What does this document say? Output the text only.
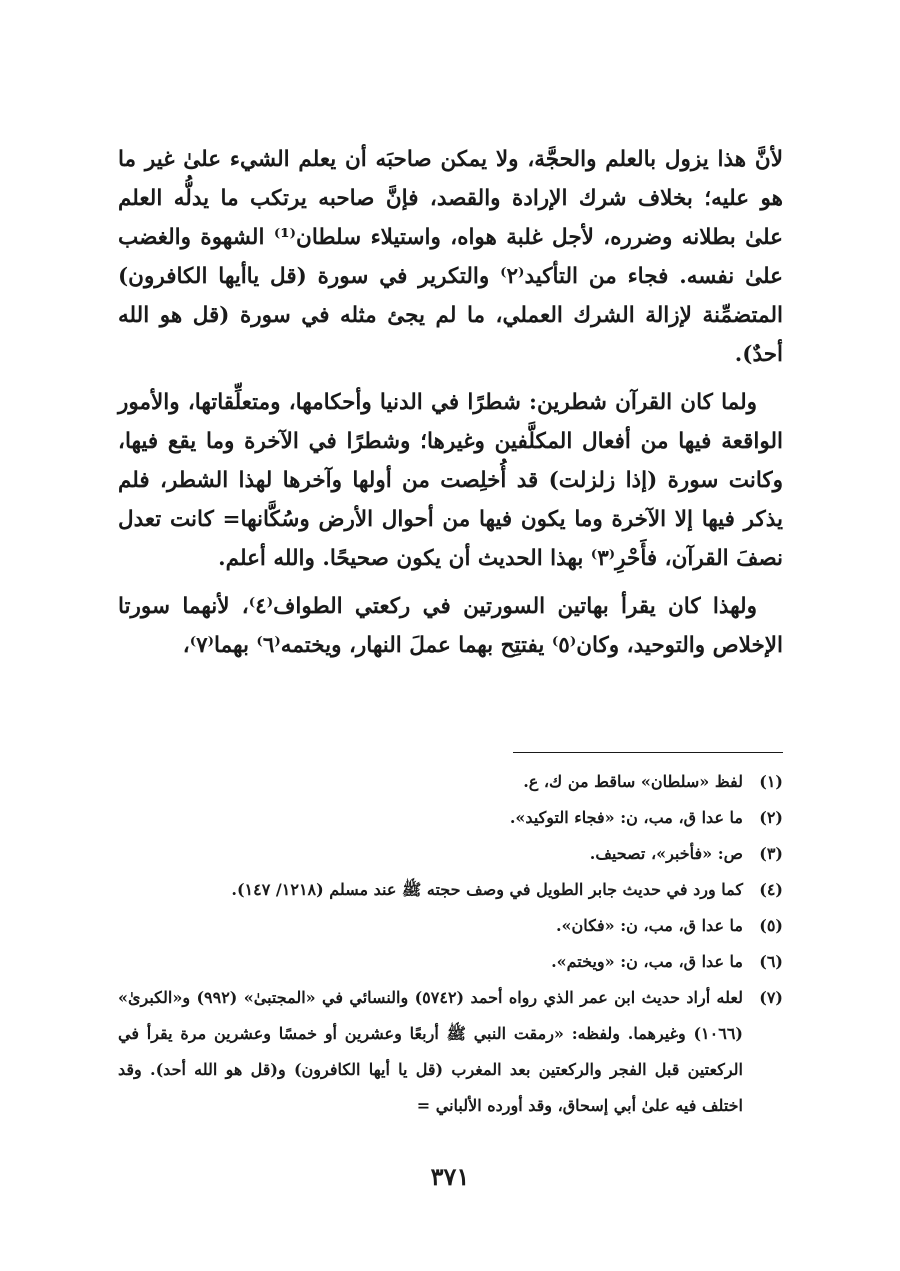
لأنَّ هذا يزول بالعلم والحجَّة، ولا يمكن صاحبَه أن يعلم الشيء علىٰ غير ما هو عليه؛ بخلاف شرك الإرادة والقصد، فإنَّ صاحبه يرتكب ما يدلُّه العلم علىٰ بطلانه وضرره، لأجل غلبة هواه، واستيلاء سلطان⁽¹⁾ الشهوة والغضب علىٰ نفسه. فجاء من التأكيد⁽٢⁾ والتكرير في سورة (قل ياأيها الكافرون) المتضمِّنة لإزالة الشرك العملي، ما لم يجئ مثله في سورة (قل هو الله أحدٌ).

ولما كان القرآن شطرين: شطرًا في الدنيا وأحكامها، ومتعلِّقاتها، والأمور الواقعة فيها من أفعال المكلَّفين وغيرها؛ وشطرًا في الآخرة وما يقع فيها، وكانت سورة (إذا زلزلت) قد أُخلِصت من أولها وآخرها لهذا الشطر، فلم يذكر فيها إلا الآخرة وما يكون فيها من أحوال الأرض وسُكَّانها= كانت تعدل نصفَ القرآن، فأَحْرِ⁽٣⁾ بهذا الحديث أن يكون صحيحًا. والله أعلم.

ولهذا كان يقرأ بهاتين السورتين في ركعتي الطواف⁽٤⁾، لأنهما سورتا الإخلاص والتوحيد، وكان⁽٥⁾ يفتتِح بهما عملَ النهار، ويختمه⁽٦⁾ بهما⁽٧⁾،

(١)
لفظ «سلطان» ساقط من ك، ع.
(٢)
ما عدا ق، مب، ن: «فجاء التوكيد».
(٣)
ص: «فأخبر»، تصحيف.
(٤)
كما ورد في حديث جابر الطويل في وصف حجته ﷺ عند مسلم (١٢١٨/ ١٤٧).
(٥)
ما عدا ق، مب، ن: «فكان».
(٦)
ما عدا ق، مب، ن: «ويختم».
(٧)
لعله أراد حديث ابن عمر الذي رواه أحمد (٥٧٤٢) والنسائي في «المجتبىٰ» (٩٩٢) و«الكبرىٰ» (١٠٦٦) وغيرهما. ولفظه: «رمقت النبي ﷺ أربعًا وعشرين أو خمسًا وعشرين مرة يقرأ في الركعتين قبل الفجر والركعتين بعد المغرب (قل يا أيها الكافرون) و(قل هو الله أحد). وقد اختلف فيه علىٰ أبي إسحاق، وقد أورده الألباني =
٣٧١
